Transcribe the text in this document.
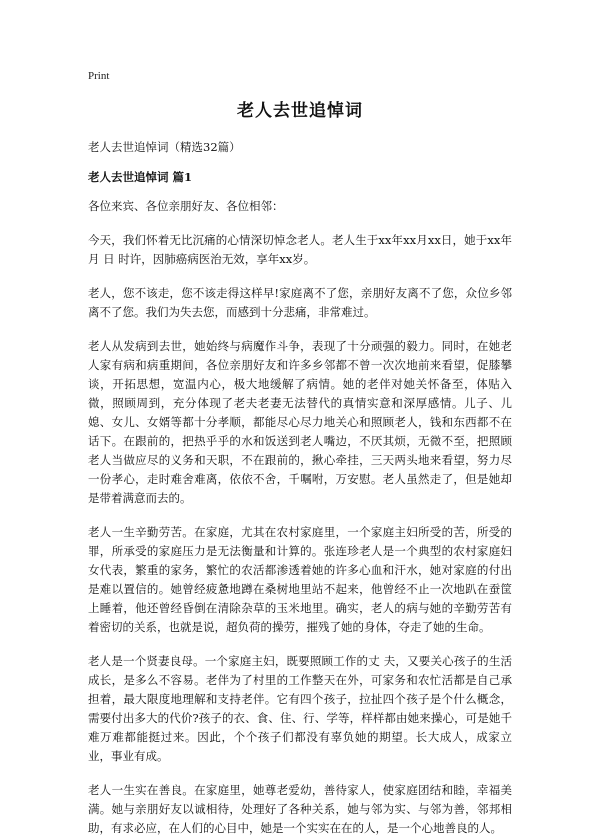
Print
老人去世追悼词
老人去世追悼词（精选32篇）
老人去世追悼词 篇1

各位来宾、各位亲朋好友、各位相邻：

今天，我们怀着无比沉痛的心情深切悼念老人。老人生于xx年xx月xx日，她于xx年 月 日 时许，因肺癌病医治无效，享年xx岁。

老人，您不该走，您不该走得这样早!家庭离不了您，亲朋好友离不了您，众位乡邻离不了您。我们为失去您，而感到十分悲痛，非常难过。

老人从发病到去世，她始终与病魔作斗争，表现了十分顽强的毅力。同时，在她老人家有病和病重期间，各位亲朋好友和许多乡邻都不曾一次次地前来看望，促膝攀谈，开拓思想，宽温内心，极大地缓解了病情。她的老伴对她关怀备至，体贴入微，照顾周到，充分体现了老夫老妻无法替代的真情实意和深厚感情。儿子、儿媳、女儿、女婿等都十分孝顺，都能尽心尽力地关心和照顾老人，钱和东西都不在话下。在跟前的，把热乎乎的水和饭送到老人嘴边，不厌其烦，无微不至，把照顾老人当做应尽的义务和天职，不在跟前的，揪心牵挂，三天两头地来看望，努力尽一份孝心，走时难舍难离，依依不舍，千嘱咐，万安慰。老人虽然走了，但是她却是带着满意而去的。

老人一生辛勤劳苦。在家庭，尤其在农村家庭里，一个家庭主妇所受的苦，所受的罪，所承受的家庭压力是无法衡量和计算的。张连珍老人是一个典型的农村家庭妇女代表，繁重的家务，繁忙的农活都渗透着她的许多心血和汗水，她对家庭的付出是难以置信的。她曾经疲惫地蹲在桑树地里站不起来，他曾经不止一次地趴在蚕筐上睡着，他还曾经昏倒在清除杂草的玉米地里。确实，老人的病与她的辛勤劳苦有着密切的关系，也就是说，超负荷的操劳，摧残了她的身体，夺走了她的生命。

老人是一个贤妻良母。一个家庭主妇，既要照顾工作的丈 夫，又要关心孩子的生活成长，是多么不容易。老伴为了村里的工作整天在外，可家务和农忙活都是自己承担着，最大限度地理解和支持老伴。它有四个孩子，拉扯四个孩子是个什么概念，需要付出多大的代价?孩子的衣、食、住、行、学等，样样都由她来操心，可是她千难万难都能挺过来。因此，个个孩子们都没有辜负她的期望。长大成人，成家立业，事业有成。

老人一生实在善良。在家庭里，她尊老爱幼，善待家人，使家庭团结和睦，幸福美满。她与亲朋好友以诚相待，处理好了各种关系，她与邻为实、与邻为善，邻邦相助，有求必应，在人们的心目中，她是一个实实在在的人，是一个心地善良的人。
